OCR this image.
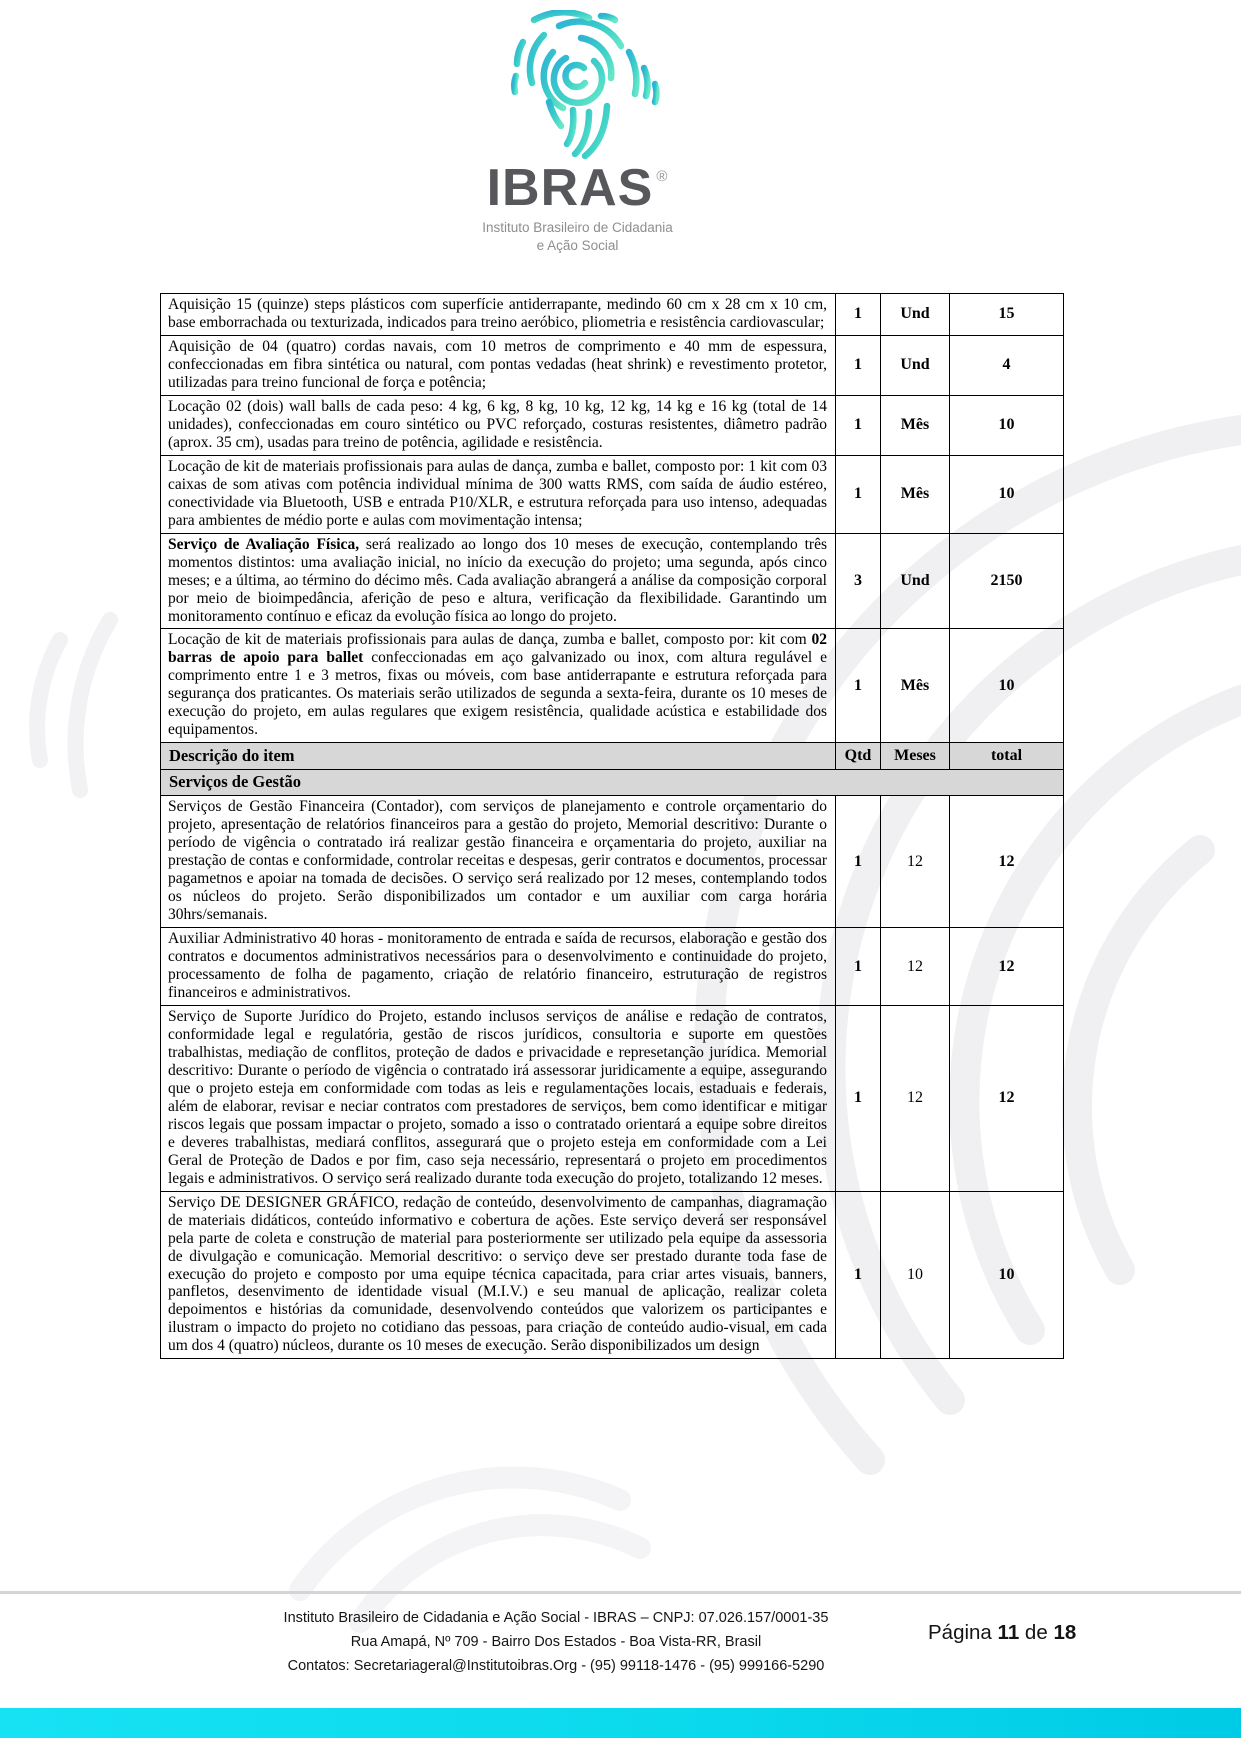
IBRAS ®
Instituto Brasileiro de Cidadania
e Ação Social
Aquisição 15 (quinze) steps plásticos com superfície antiderrapante, medindo 60 cm x 28 cm x 10 cm, base emborrachada ou texturizada, indicados para treino aeróbico, pliometria e resistência cardiovascular;	1	Und	15
Aquisição de 04 (quatro) cordas navais, com 10 metros de comprimento e 40 mm de espessura, confeccionadas em fibra sintética ou natural, com pontas vedadas (heat shrink) e revestimento protetor, utilizadas para treino funcional de força e potência;	1	Und	4
Locação 02 (dois) wall balls de cada peso: 4 kg, 6 kg, 8 kg, 10 kg, 12 kg, 14 kg e 16 kg (total de 14 unidades), confeccionadas em couro sintético ou PVC reforçado, costuras resistentes, diâmetro padrão (aprox. 35 cm), usadas para treino de potência, agilidade e resistência.	1	Mês	10
Locação de kit de materiais profissionais para aulas de dança, zumba e ballet, composto por: 1 kit com 03 caixas de som ativas com potência individual mínima de 300 watts RMS, com saída de áudio estéreo, conectividade via Bluetooth, USB e entrada P10/XLR, e estrutura reforçada para uso intenso, adequadas para ambientes de médio porte e aulas com movimentação intensa;	1	Mês	10
Serviço de Avaliação Física, será realizado ao longo dos 10 meses de execução, contemplando três momentos distintos: uma avaliação inicial, no início da execução do projeto; uma segunda, após cinco meses; e a última, ao término do décimo mês. Cada avaliação abrangerá a análise da composição corporal por meio de bioimpedância, aferição de peso e altura, verificação da flexibilidade. Garantindo um monitoramento contínuo e eficaz da evolução física ao longo do projeto.	3	Und	2150
Locação de kit de materiais profissionais para aulas de dança, zumba e ballet, composto por: kit com 02 barras de apoio para ballet confeccionadas em aço galvanizado ou inox, com altura regulável e comprimento entre 1 e 3 metros, fixas ou móveis, com base antiderrapante e estrutura reforçada para segurança dos praticantes. Os materiais serão utilizados de segunda a sexta-feira, durante os 10 meses de execução do projeto, em aulas regulares que exigem resistência, qualidade acústica e estabilidade dos equipamentos.	1	Mês	10
Descrição do item	Qtd	Meses	total
Serviços de Gestão			
Serviços de Gestão Financeira (Contador), com serviços de planejamento e controle orçamentario do projeto, apresentação de relatórios financeiros para a gestão do projeto, Memorial descritivo: Durante o período de vigência o contratado irá realizar gestão financeira e orçamentaria do projeto, auxiliar na prestação de contas e conformidade, controlar receitas e despesas, gerir contratos e documentos, processar pagametnos e apoiar na tomada de decisões. O serviço será realizado por 12 meses, contemplando todos os núcleos do projeto. Serão disponibilizados um contador e um auxiliar com carga horária 30hrs/semanais.	1	12	12
Auxiliar Administrativo 40 horas - monitoramento de entrada e saída de recursos, elaboração e gestão dos contratos e documentos administrativos necessários para o desenvolvimento e continuidade do projeto, processamento de folha de pagamento, criação de relatório financeiro, estruturação de registros financeiros e administrativos.	1	12	12
Serviço de Suporte Jurídico do Projeto, estando inclusos serviços de análise e redação de contratos, conformidade legal e regulatória, gestão de riscos jurídicos, consultoria e suporte em questões trabalhistas, mediação de conflitos, proteção de dados e privacidade e represetanção jurídica. Memorial descritivo: Durante o período de vigência o contratado irá assessorar juridicamente a equipe, assegurando que o projeto esteja em conformidade com todas as leis e regulamentações locais, estaduais e federais, além de elaborar, revisar e neciar contratos com prestadores de serviços, bem como identificar e mitigar riscos legais que possam impactar o projeto, somado a isso o contratado orientará a equipe sobre direitos e deveres trabalhistas, mediará conflitos, assegurará que o projeto esteja em conformidade com a Lei Geral de Proteção de Dados e por fim, caso seja necessário, representará o projeto em procedimentos legais e administrativos. O serviço será realizado durante toda execução do projeto, totalizando 12 meses.	1	12	12
Serviço DE DESIGNER GRÁFICO, redação de conteúdo, desenvolvimento de campanhas, diagramação de materiais didáticos, conteúdo informativo e cobertura de ações. Este serviço deverá ser responsável pela parte de coleta e construção de material para posteriormente ser utilizado pela equipe da assessoria de divulgação e comunicação. Memorial descritivo: o serviço deve ser prestado durante toda fase de execução do projeto e composto por uma equipe técnica capacitada, para criar artes visuais, banners, panfletos, desenvimento de identidade visual (M.I.V.) e seu manual de aplicação, realizar coleta depoimentos e histórias da comunidade, desenvolvendo conteúdos que valorizem os participantes e ilustram o impacto do projeto no cotidiano das pessoas, para criação de conteúdo audio-visual, em cada um dos 4 (quatro) núcleos, durante os 10 meses de execução. Serão disponibilizados um design	1	10	10
Instituto Brasileiro de Cidadania e Ação Social - IBRAS – CNPJ: 07.026.157/0001-35
Rua Amapá, Nº 709 - Bairro Dos Estados - Boa Vista-RR, Brasil
Contatos: Secretariageral@Institutoibras.Org - (95) 99118-1476 - (95) 999166-5290
Página 11 de 18
